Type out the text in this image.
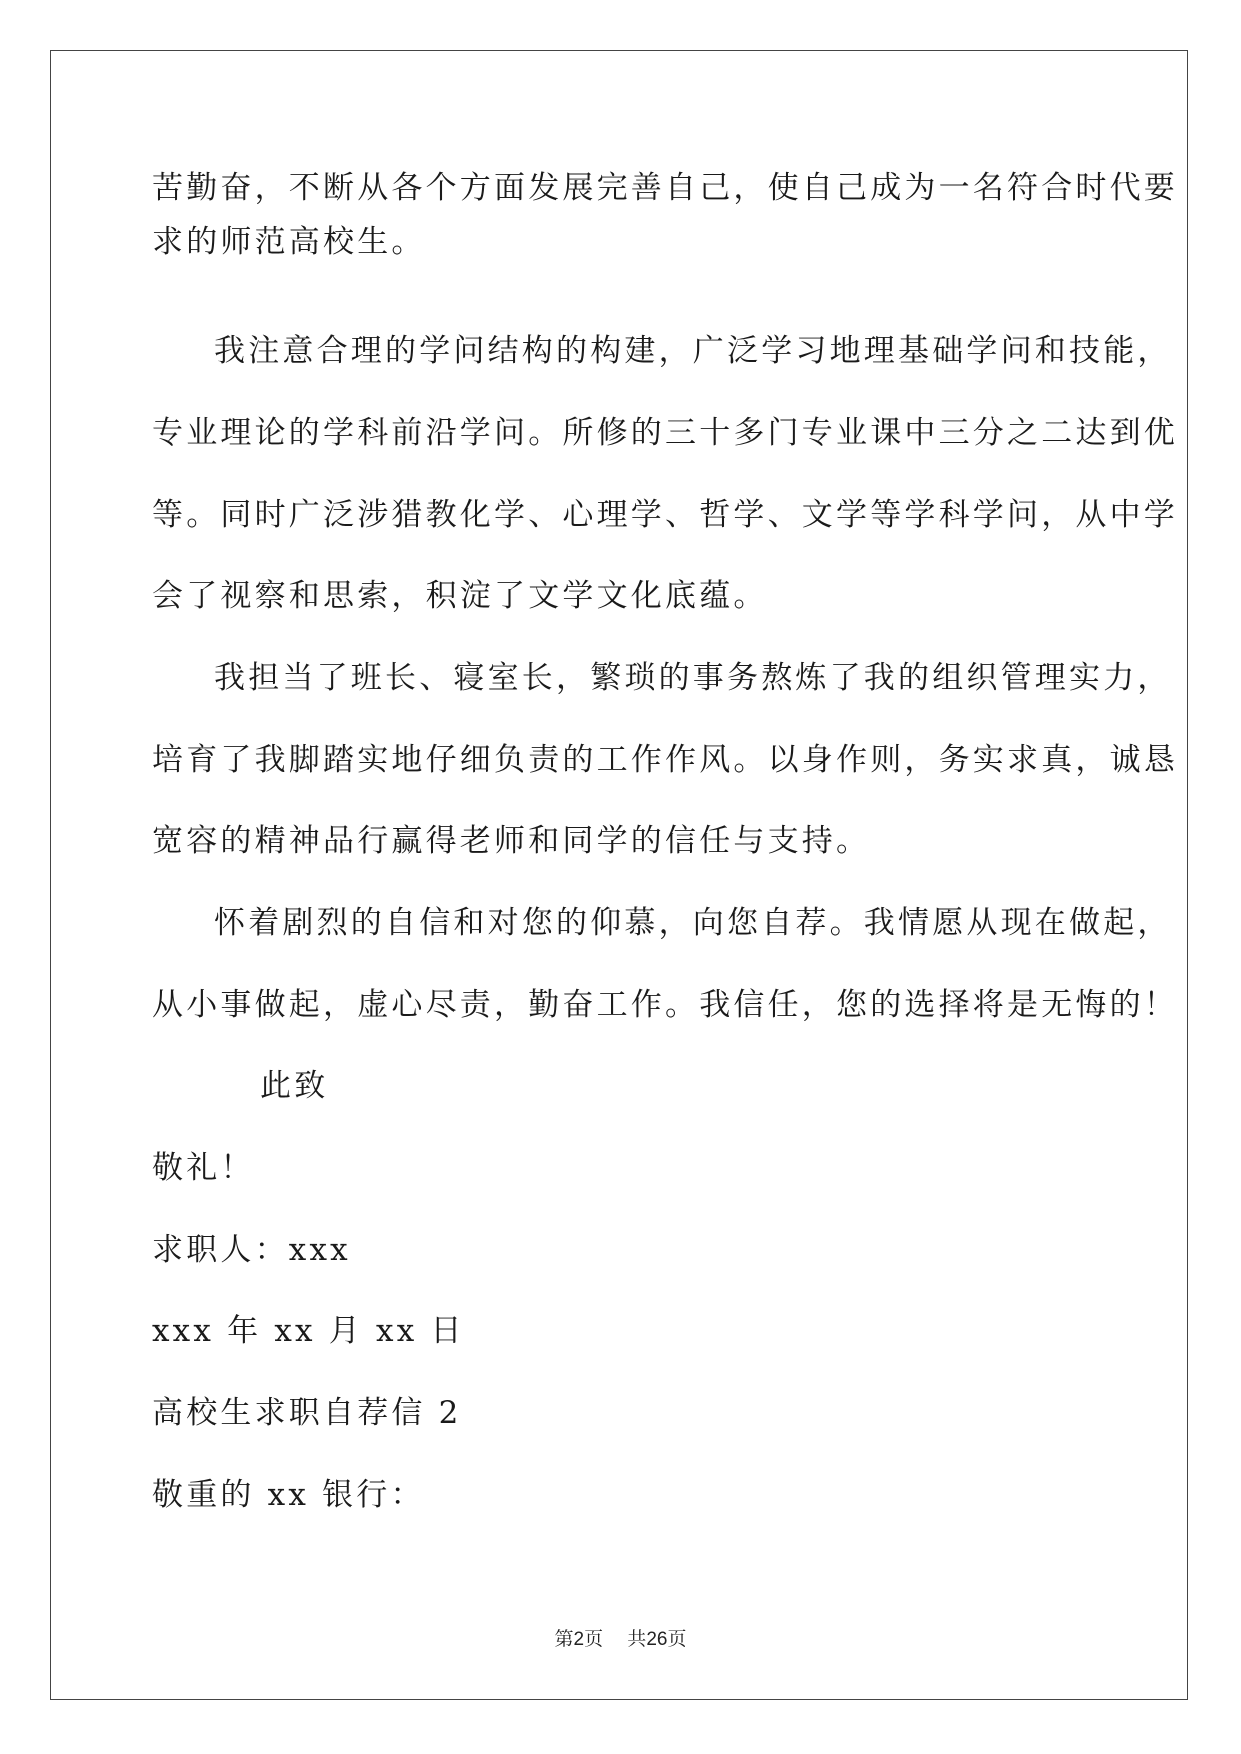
苦勤奋，不断从各个方面发展完善自己，使自己成为一名符合时代要
求的师范高校生。
我注意合理的学问结构的构建，广泛学习地理基础学问和技能，
专业理论的学科前沿学问。所修的三十多门专业课中三分之二达到优
等。同时广泛涉猎教化学、心理学、哲学、文学等学科学问，从中学
会了视察和思索，积淀了文学文化底蕴。
我担当了班长、寝室长，繁琐的事务熬炼了我的组织管理实力，
培育了我脚踏实地仔细负责的工作作风。以身作则，务实求真，诚恳
宽容的精神品行赢得老师和同学的信任与支持。
怀着剧烈的自信和对您的仰慕，向您自荐。我情愿从现在做起，
从小事做起，虚心尽责，勤奋工作。我信任，您的选择将是无悔的！
此致
敬礼！
求职人：xxx
xxx 年 xx 月 xx 日
高校生求职自荐信 2
敬重的 xx 银行：
第2页 共26页
